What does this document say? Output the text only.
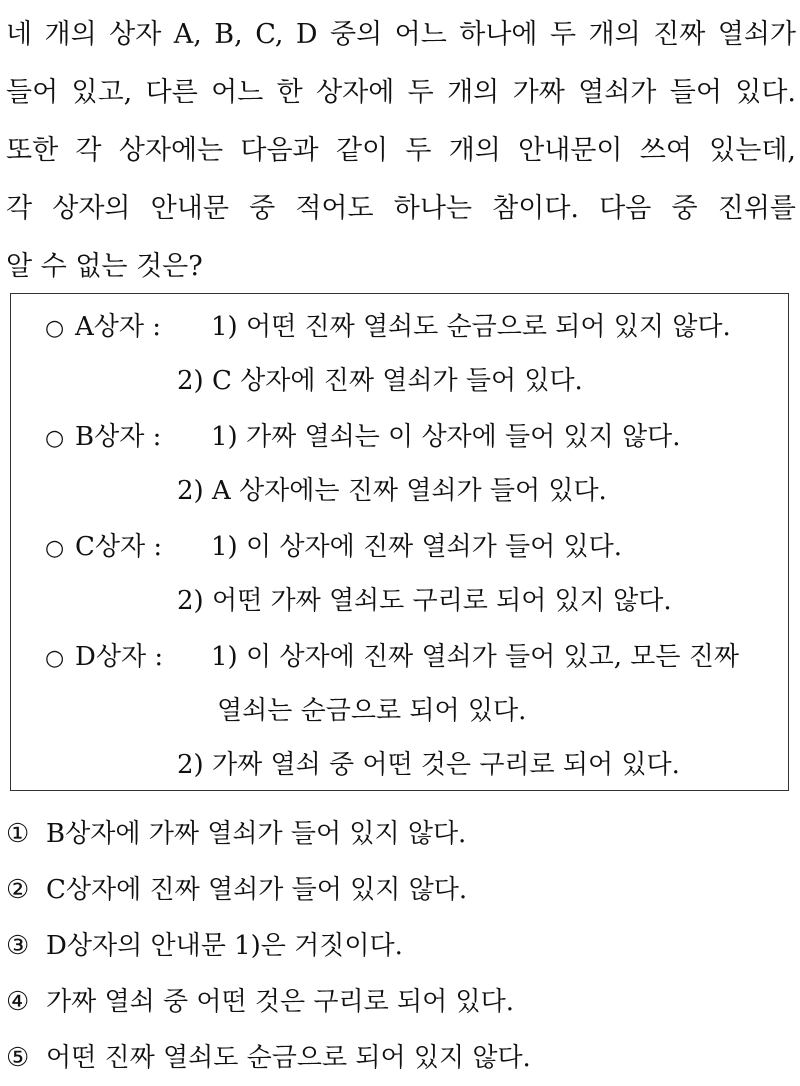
네 개의 상자 A, B, C, D 중의 어느 하나에 두 개의 진짜 열쇠가
들어 있고, 다른 어느 한 상자에 두 개의 가짜 열쇠가 들어 있다.
또한 각 상자에는 다음과 같이 두 개의 안내문이 쓰여 있는데,
각 상자의 안내문 중 적어도 하나는 참이다. 다음 중 진위를
알 수 없는 것은?
○ A상자 : 1) 어떤 진짜 열쇠도 순금으로 되어 있지 않다.
2) C 상자에 진짜 열쇠가 들어 있다.
○ B상자 : 1) 가짜 열쇠는 이 상자에 들어 있지 않다.
2) A 상자에는 진짜 열쇠가 들어 있다.
○ C상자 : 1) 이 상자에 진짜 열쇠가 들어 있다.
2) 어떤 가짜 열쇠도 구리로 되어 있지 않다.
○ D상자 : 1) 이 상자에 진짜 열쇠가 들어 있고, 모든 진짜
열쇠는 순금으로 되어 있다.
2) 가짜 열쇠 중 어떤 것은 구리로 되어 있다.
① B상자에 가짜 열쇠가 들어 있지 않다.
② C상자에 진짜 열쇠가 들어 있지 않다.
③ D상자의 안내문 1)은 거짓이다.
④ 가짜 열쇠 중 어떤 것은 구리로 되어 있다.
⑤ 어떤 진짜 열쇠도 순금으로 되어 있지 않다.
